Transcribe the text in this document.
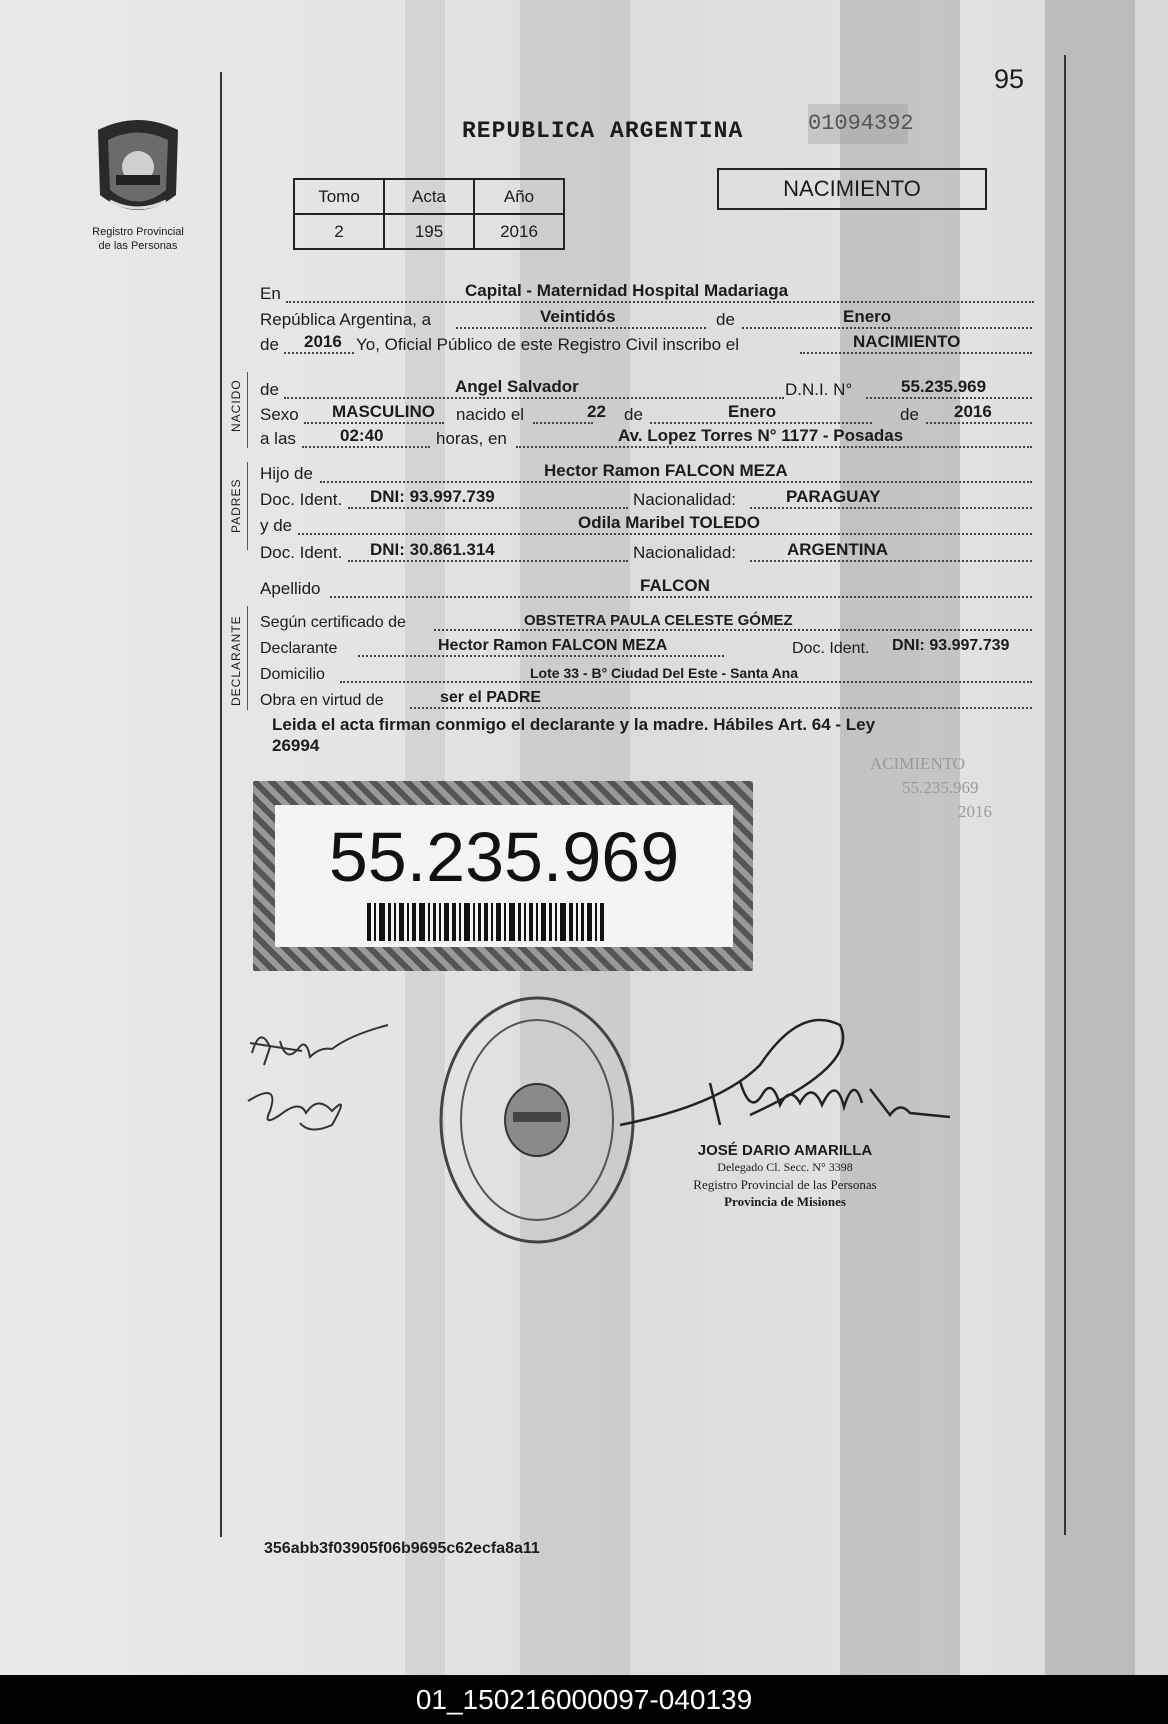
95
Registro Provincial
de las Personas
REPUBLICA ARGENTINA	01094392
Tomo	Acta	Año
2	195	2016
NACIMIENTO
En	Capital - Maternidad Hospital Madariaga
República Argentina, a	Veintidós	de	Enero
de 2016 Yo, Oficial Público de este Registro Civil inscribo el	NACIMIENTO
NACIDO de	Angel Salvador	D.N.I. N°	55.235.969
Sexo MASCULINO nacido el	22 de	Enero	de 2016
a las	02:40	horas, en	Av. Lopez Torres N° 1177 - Posadas
PADRES
Hijo de	Hector Ramon FALCON MEZA
Doc. Ident. DNI: 93.997.739	Nacionalidad:	PARAGUAY
y de	Odila Maribel TOLEDO
Doc. Ident. DNI: 30.861.314	Nacionalidad:	ARGENTINA
Apellido	FALCON
DECLARANTE Según certificado de	OBSTETRA PAULA CELESTE GÓMEZ
Declarante	Hector Ramon FALCON MEZA	Doc. Ident. DNI: 93.997.739
Domicilio	Lote 33 - B° Ciudad Del Este - Santa Ana
Obra en virtud de	ser el PADRE
Leida el acta firman conmigo el declarante y la madre. Hábiles Art. 64 - Ley
26994
ACIMIENTO
55.235.969
2016
55.235.969
JOSÉ DARIO AMARILLA
Delegado Cl. Secc. N° 3398
Registro Provincial de las Personas
Provincia de Misiones
356abb3f03905f06b9695c62ecfa8a11
01_150216000097-040139
